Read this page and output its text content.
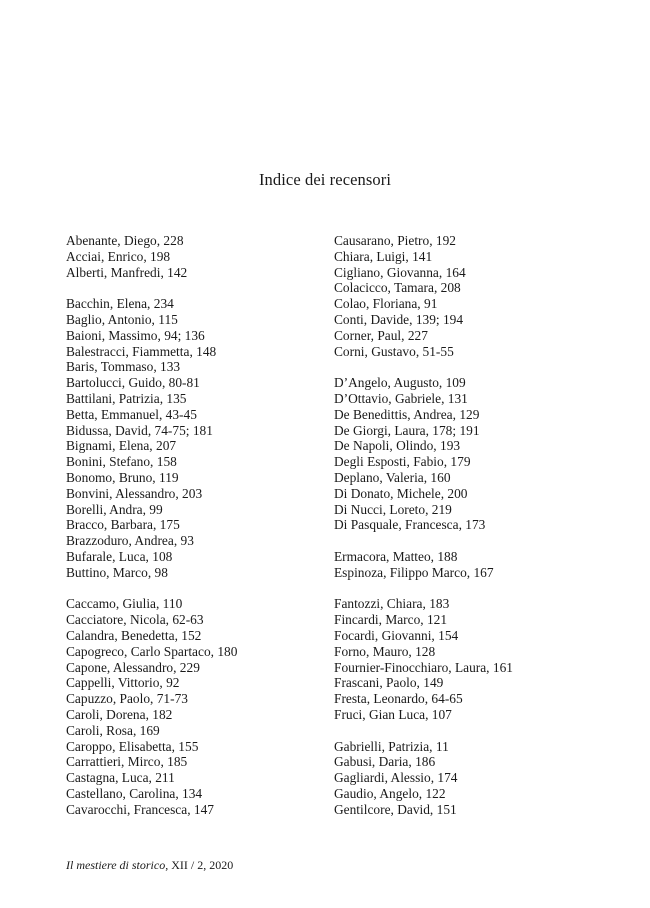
Indice dei recensori
Abenante, Diego, 228
Acciai, Enrico, 198
Alberti, Manfredi, 142
Bacchin, Elena, 234
Baglio, Antonio, 115
Baioni, Massimo, 94; 136
Balestracci, Fiammetta, 148
Baris, Tommaso, 133
Bartolucci, Guido, 80-81
Battilani, Patrizia, 135
Betta, Emmanuel, 43-45
Bidussa, David, 74-75; 181
Bignami, Elena, 207
Bonini, Stefano, 158
Bonomo, Bruno, 119
Bonvini, Alessandro, 203
Borelli, Andra, 99
Bracco, Barbara, 175
Brazzoduro, Andrea, 93
Bufarale, Luca, 108
Buttino, Marco, 98
Caccamo, Giulia, 110
Cacciatore, Nicola, 62-63
Calandra, Benedetta, 152
Capogreco, Carlo Spartaco, 180
Capone, Alessandro, 229
Cappelli, Vittorio, 92
Capuzzo, Paolo, 71-73
Caroli, Dorena, 182
Caroli, Rosa, 169
Caroppo, Elisabetta, 155
Carrattieri, Mirco, 185
Castagna, Luca, 211
Castellano, Carolina, 134
Cavarocchi, Francesca, 147
Causarano, Pietro, 192
Chiara, Luigi, 141
Cigliano, Giovanna, 164
Colacicco, Tamara, 208
Colao, Floriana, 91
Conti, Davide, 139; 194
Corner, Paul, 227
Corni, Gustavo, 51-55
D’Angelo, Augusto, 109
D’Ottavio, Gabriele, 131
De Benedittis, Andrea, 129
De Giorgi, Laura, 178; 191
De Napoli, Olindo, 193
Degli Esposti, Fabio, 179
Deplano, Valeria, 160
Di Donato, Michele, 200
Di Nucci, Loreto, 219
Di Pasquale, Francesca, 173
Ermacora, Matteo, 188
Espinoza, Filippo Marco, 167
Fantozzi, Chiara, 183
Fincardi, Marco, 121
Focardi, Giovanni, 154
Forno, Mauro, 128
Fournier-Finocchiaro, Laura, 161
Frascani, Paolo, 149
Fresta, Leonardo, 64-65
Fruci, Gian Luca, 107
Gabrielli, Patrizia, 11
Gabusi, Daria, 186
Gagliardi, Alessio, 174
Gaudio, Angelo, 122
Gentilcore, David, 151
Il mestiere di storico, XII / 2, 2020
